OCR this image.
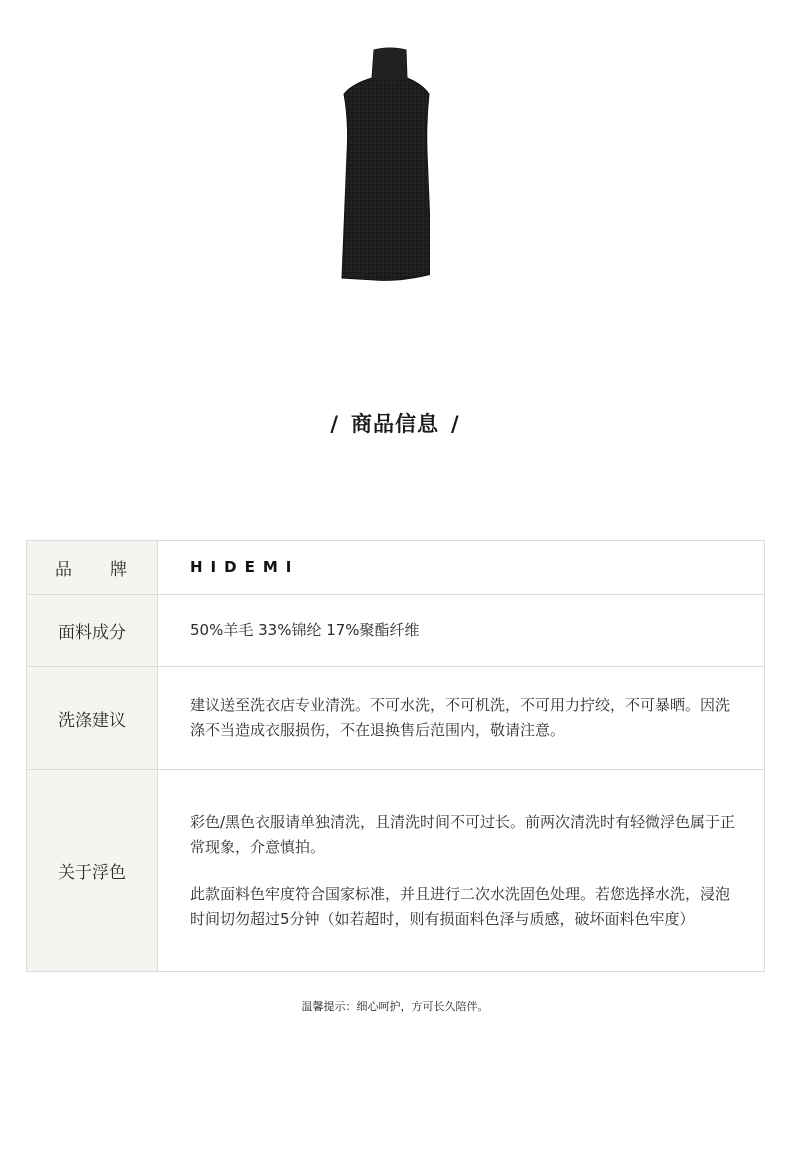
/ 商品信息 /
品 牌	HIDEMI
面料成分	50%羊毛 33%锦纶 17%聚酯纤维
洗涤建议	建议送至洗衣店专业清洗。不可水洗，不可机洗，不可用力拧绞，不可暴晒。因洗涤不当造成衣服损伤，不在退换售后范围内，敬请注意。
关于浮色	彩色/黑色衣服请单独清洗，且清洗时间不可过长。前两次清洗时有轻微浮色属于正常现象，介意慎拍。

此款面料色牢度符合国家标准，并且进行二次水洗固色处理。若您选择水洗，浸泡时间切勿超过5分钟（如若超时，则有损面料色泽与质感，破坏面料色牢度）

温馨提示：细心呵护，方可长久陪伴。
